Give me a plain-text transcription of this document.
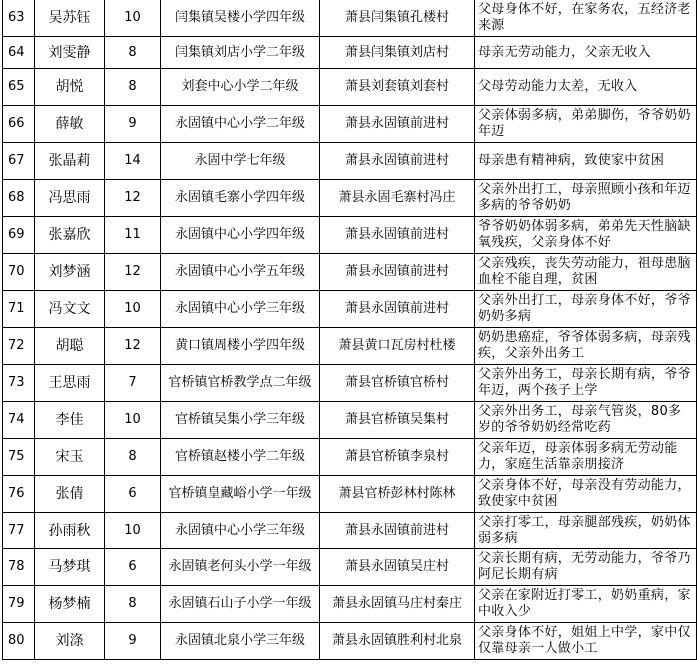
63	吴苏钰	10	闫集镇吴楼小学四年级	萧县闫集镇孔楼村	父母身体不好，在家务农，五经济老来源
64	刘雯静	8	闫集镇刘店小学二年级	萧县闫集镇刘店村	母亲无劳动能力，父亲无收入
65	胡悦	8	刘套中心小学二年级	萧县刘套镇刘套村	父母劳动能力太差，无收入
66	薛敏	9	永固镇中心小学二年级	萧县永固镇前进村	父亲体弱多病，弟弟脚伤，爷爷奶奶年迈
67	张晶莉	14	永固中学七年级	萧县永固镇前进村	母亲患有精神病，致使家中贫困
68	冯思雨	12	永固镇毛寨小学四年级	萧县永固毛寨村冯庄	父亲外出打工，母亲照顾小孩和年迈多病的爷爷奶奶
69	张嘉欣	11	永固镇中心小学四年级	萧县永固镇前进村	爷爷奶奶体弱多病，弟弟先天性脑缺氧残疾，父亲身体不好
70	刘梦涵	12	永固镇中心小学五年级	萧县永固镇前进村	父亲残疾，丧失劳动能力，祖母患脑血栓不能自理，贫困
71	冯文文	10	永固镇中心小学三年级	萧县永固镇前进村	父亲外出打工，母亲身体不好，爷爷奶奶多病
72	胡聪	12	黄口镇周楼小学四年级	萧县黄口瓦房村杜楼	奶奶患癌症，爷爷体弱多病，母亲残疾，父亲外出务工
73	王思雨	7	官桥镇官桥教学点二年级	萧县官桥镇官桥村	父亲外出务工，母亲长期有病，爷爷年迈，两个孩子上学
74	李佳	10	官桥镇吴集小学三年级	萧县官桥镇吴集村	父亲外出务工，母亲气管炎，80多岁的爷爷奶奶经常吃药
75	宋玉	8	官桥镇赵楼小学二年级	萧县官桥镇李泉村	父亲年迈，母亲体弱多病无劳动能力，家庭生活靠亲朋接济
76	张倩	6	官桥镇皇藏峪小学一年级	萧县官桥彭林村陈林	父亲身体不好，母亲没有劳动能力，致使家中贫困
77	孙雨秋	10	永固镇中心小学三年级	萧县永固镇前进村	父亲打零工，母亲腿部残疾，奶奶体弱多病
78	马梦琪	6	永固镇老何头小学一年级	萧县永固镇吴庄村	父亲长期有病，无劳动能力，爷爷乃阿尼长期有病
79	杨梦楠	8	永固镇石山子小学一年级	萧县永固镇马庄村秦庄	父亲在家附近打零工，奶奶重病，家中收入少
80	刘涤	9	永固镇北泉小学三年级	萧县永固镇胜利村北泉	父亲身体不好，姐姐上中学，家中仅仅靠母亲一人做小工
